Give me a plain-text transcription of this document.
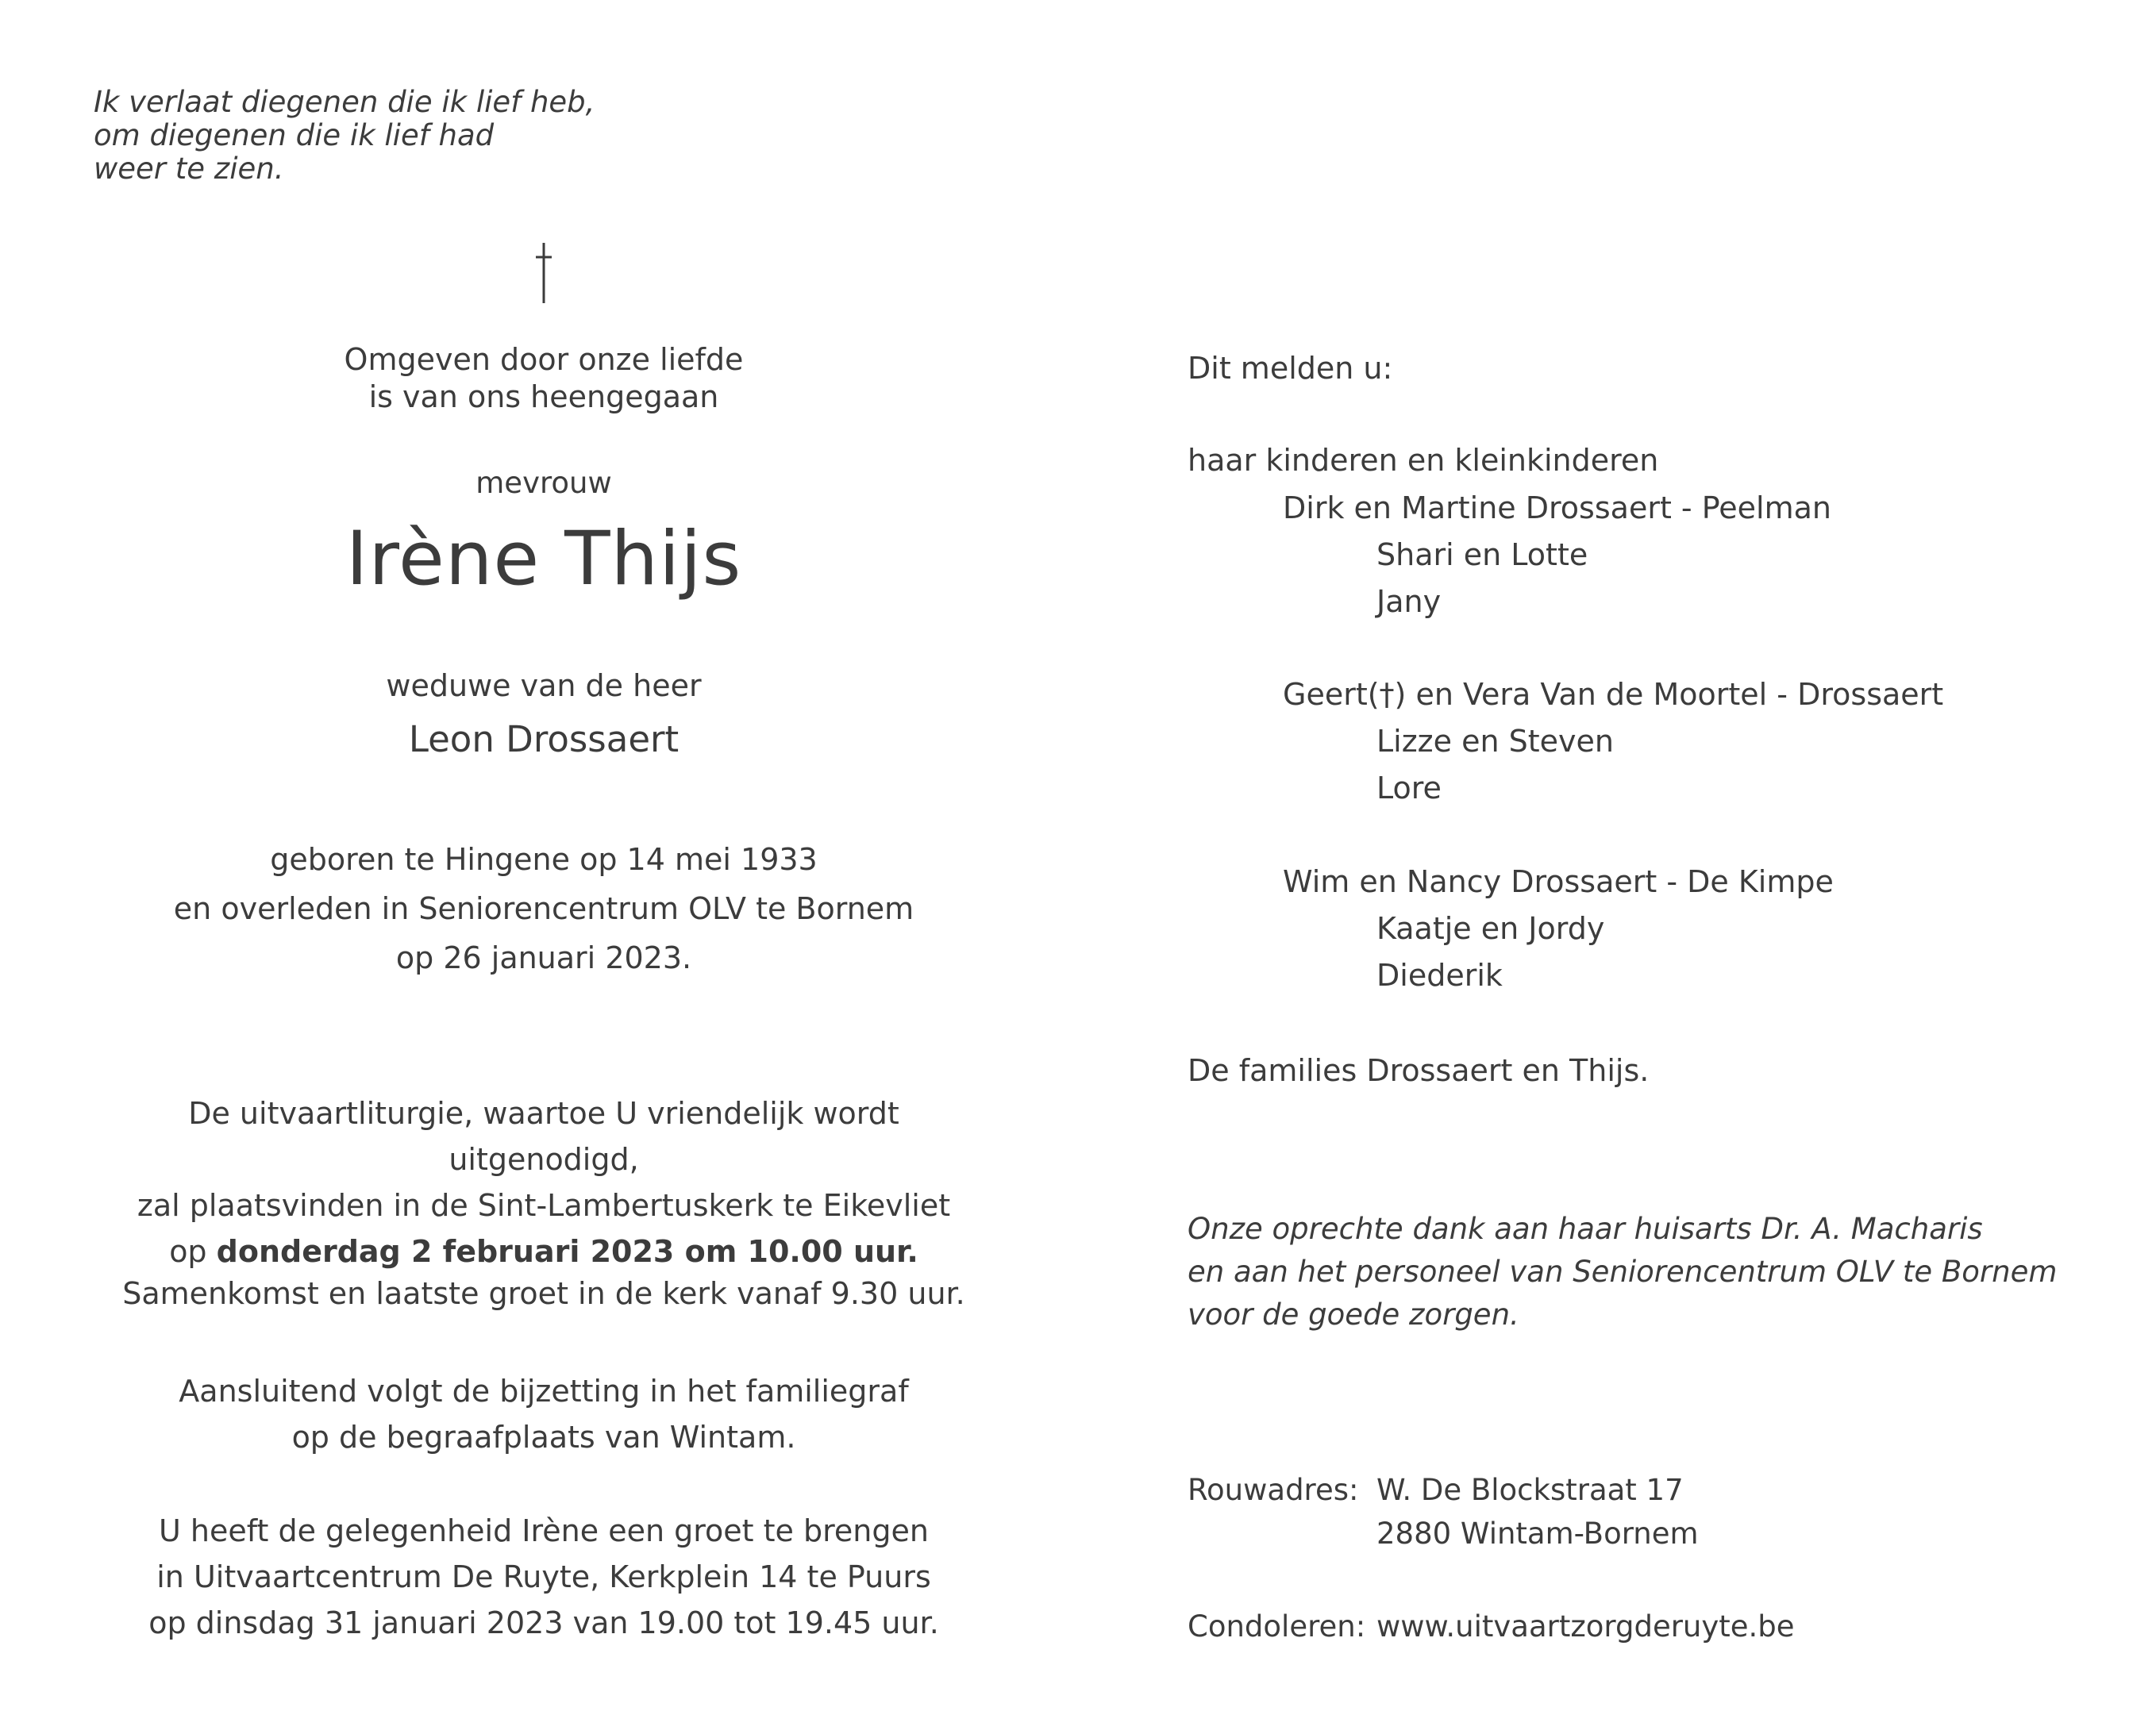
Ik verlaat diegenen die ik lief heb,
om diegenen die ik lief had
weer te zien.
Omgeven door onze liefde
is van ons heengegaan
mevrouw
Irène Thijs
weduwe van de heer
Leon Drossaert
geboren te Hingene op 14 mei 1933
en overleden in Seniorencentrum OLV te Bornem
op 26 januari 2023.
De uitvaartliturgie, waartoe U vriendelijk wordt uitgenodigd,
zal plaatsvinden in de Sint-Lambertuskerk te Eikevliet
op donderdag 2 februari 2023 om 10.00 uur.
Samenkomst en laatste groet in de kerk vanaf 9.30 uur.
Aansluitend volgt de bijzetting in het familiegraf
op de begraafplaats van Wintam.
U heeft de gelegenheid Irène een groet te brengen
in Uitvaartcentrum De Ruyte, Kerkplein 14 te Puurs
op dinsdag 31 januari 2023 van 19.00 tot 19.45 uur.
Dit melden u:
haar kinderen en kleinkinderen
Dirk en Martine Drossaert - Peelman
Shari en Lotte
Jany
Geert(†) en Vera Van de Moortel - Drossaert
Lizze en Steven
Lore
Wim en Nancy Drossaert - De Kimpe
Kaatje en Jordy
Diederik
De families Drossaert en Thijs.
Onze oprechte dank aan haar huisarts Dr. A. Macharis
en aan het personeel van Seniorencentrum OLV te Bornem
voor de goede zorgen.
Rouwadres: W. De Blockstraat 17
2880 Wintam-Bornem
Condoleren: www.uitvaartzorgderuyte.be
